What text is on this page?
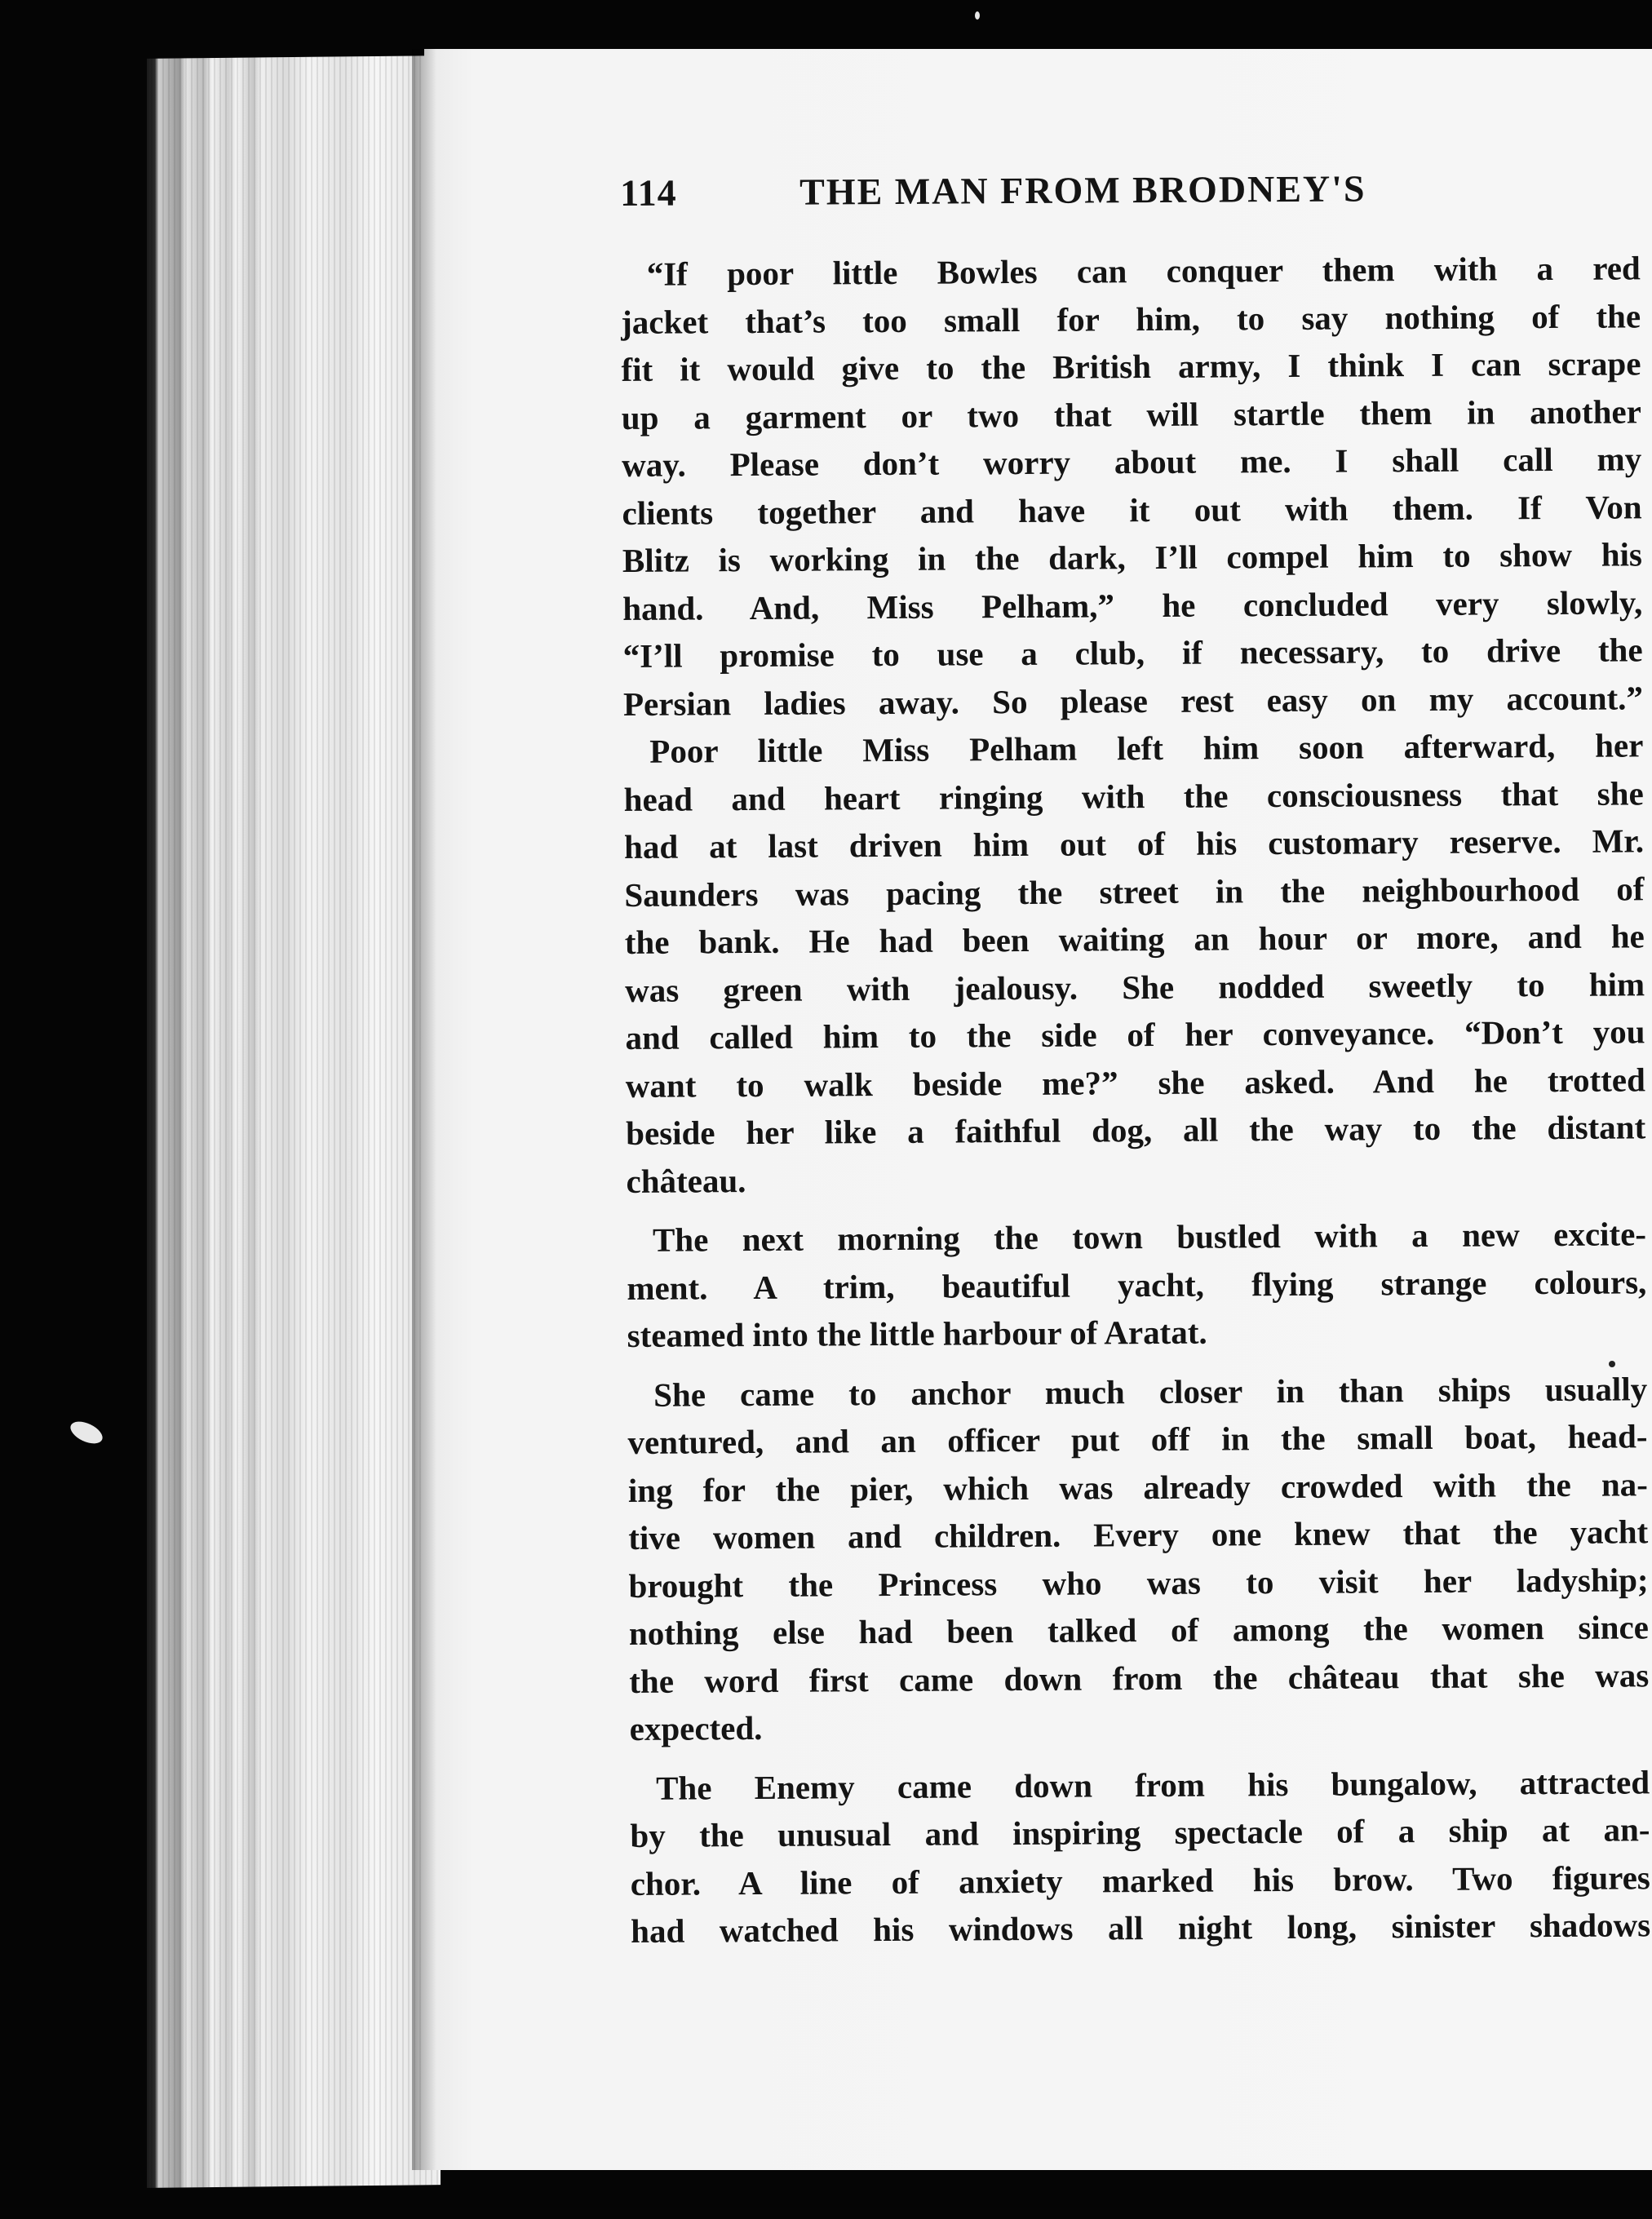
114	THE MAN FROM BRODNEY'S

“If poor little Bowles can conquer them with a red
jacket that’s too small for him, to say nothing of the
fit it would give to the British army, I think I can scrape
up a garment or two that will startle them in another
way. Please don’t worry about me. I shall call my
clients together and have it out with them. If Von
Blitz is working in the dark, I’ll compel him to show his
hand. And, Miss Pelham,” he concluded very slowly,
“I’ll promise to use a club, if necessary, to drive the
Persian ladies away. So please rest easy on my account.”

Poor little Miss Pelham left him soon afterward, her
head and heart ringing with the consciousness that she
had at last driven him out of his customary reserve. Mr.
Saunders was pacing the street in the neighbourhood of
the bank. He had been waiting an hour or more, and he
was green with jealousy. She nodded sweetly to him
and called him to the side of her conveyance. “Don’t you
want to walk beside me?” she asked. And he trotted
beside her like a faithful dog, all the way to the distant
château.

The next morning the town bustled with a new excite-
ment. A trim, beautiful yacht, flying strange colours,
steamed into the little harbour of Aratat.

She came to anchor much closer in than ships usually
ventured, and an officer put off in the small boat, head-
ing for the pier, which was already crowded with the na-
tive women and children. Every one knew that the yacht
brought the Princess who was to visit her ladyship;
nothing else had been talked of among the women since
the word first came down from the château that she was
expected.

The Enemy came down from his bungalow, attracted
by the unusual and inspiring spectacle of a ship at an-
chor. A line of anxiety marked his brow. Two figures
had watched his windows all night long, sinister shadows
